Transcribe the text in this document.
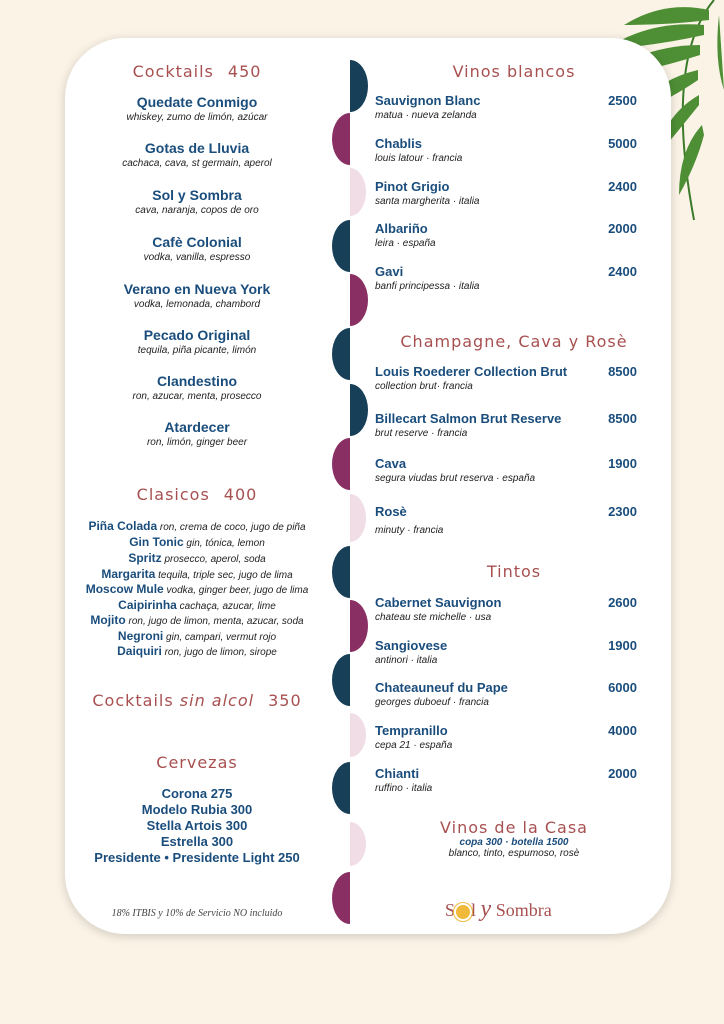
Cocktails 450
Quedate Conmigo
whiskey, zumo de limón, azúcar
Gotas de Lluvia
cachaca, cava, st germain, aperol
Sol y Sombra
cava, naranja, copos de oro
Cafè Colonial
vodka, vanilla, espresso
Verano en Nueva York
vodka, lemonada, chambord
Pecado Original
tequila, piña picante, limón
Clandestino
ron, azucar, menta, prosecco
Atardecer
ron, limón, ginger beer
Clasicos 400
Piña Colada ron, crema de coco, jugo de piña
Gin Tonic gin, tónica, lemon
Spritz prosecco, aperol, soda
Margarita tequila, triple sec, jugo de lima
Moscow Mule vodka, ginger beer, jugo de lima
Caipirinha cachaça, azucar, lime
Mojito ron, jugo de limon, menta, azucar, soda
Negroni gin, campari, vermut rojo
Daiquiri ron, jugo de limon, sirope
Cocktails sin alcol 350
Cervezas
Corona 275
Modelo Rubia 300
Stella Artois 300
Estrella 300
Presidente • Presidente Light 250
18% ITBIS y 10% de Servicio NO incluido
Vinos blancos
Sauvignon Blanc	2500
matua · nueva zelanda
Chablis	5000
louis latour · francia
Pinot Grigio	2400
santa margherita · italia
Albariño	2000
leira · españa
Gavi	2400
banfi principessa · italia
Champagne, Cava y Rosè
Louis Roederer Collection Brut	8500
collection brut· francia
Billecart Salmon Brut Reserve	8500
brut reserve · francia
Cava	1900
segura viudas brut reserva · españa
Rosè	2300
minuty · francia
Tintos
Cabernet Sauvignon	2600
chateau ste michelle · usa
Sangiovese	1900
antinori · italia
Chateauneuf du Pape	6000
georges duboeuf · francia
Tempranillo	4000
cepa 21 · españa
Chianti	2000
ruffino · italia
Vinos de la Casa
copa 300 · botella 1500
blanco, tinto, espumoso, rosè
S l y Sombra
